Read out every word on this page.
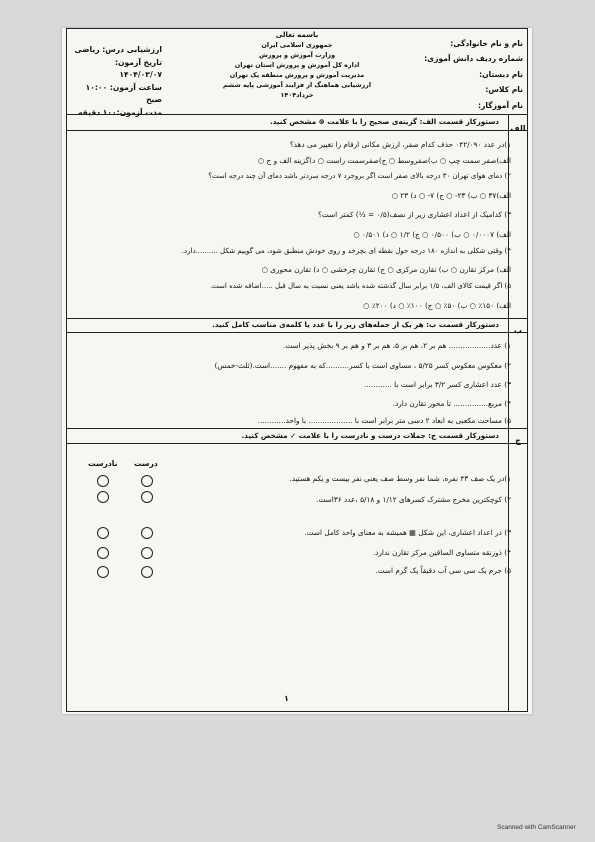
نام و نام خانوادگی:
شماره ردیف دانش آموزی:
نام دبستان:
نام کلاس:
نام آموزگار:
باسمه تعالی
جمهوری اسلامی ایران
وزارت آموزش و پرورش
اداره کل آموزش و پرورش استان تهران
مدیریت آموزش و پرورش منطقه یک تهران
ارزشیابی هماهنگ از فرایند آموزشی پایه ششم
خرداد۱۴۰۴
ارزشیابی درس: ریاضی
تاریخ آزمون: ۱۴۰۴/۰۳/۰۷
ساعت آزمون: ۱۰:۰۰ صبح
مدت آزمون:۱۰۰ دقیقه
الف
دستورکار قسمت الف: گزینه‌ی صحیح را با علامت ⊗ مشخص کنید.
۱)در عدد ۰۴۲/۰۹۰ حذف کدام صفر، ارزش مکانی ارقام را تغییر می دهد؟
الف)صفر سمت چپ ○ ب)صفروسط ○ ج)صفرسمت راست ○ د)گزینه الف و ج ○
۲) دمای هوای تهران ۳۰ درجه بالای صفر است اگر بروجرد ۷ درجه سردتر باشد دمای آن چند درجه است؟
الف)۳۷ ○ ب) ۲۳- ○ ج) ۷- ○ د) ۲۳ ○
۳) کدامیک از اعداد اعشاری زیر از نصف(۰/۵ = ½) کمتر است؟
الف) ۰/۰۰۰۷ ○ ب) ۰/۵۰۰ ○ ج) ۱/۲ ○ د) ۰/۵۰۱ ○
۴) وقتی شکلی به اندازه ۱۸۰ درجه حول نقطه ای بچرخد و روی خودش منطبق شود، می گوییم شکل ..........دارد.
الف) مرکز تقارن ○ ب) تقارن مرکزی ○ ج) تقارن چرخشی ○ د) تقارن محوری ○
۵) اگر قیمت کالای الف، ۱/۵ برابر سال گذشته شده باشد یعنی نسبت به سال قبل .....اضافه شده است.
الف) ۱۵۰٪ ○ ب) ۵۰٪ ○ ج) ۱۰۰٪ ○ د) ۲۰۰٪ ○
ب
دستورکار قسمت ب: هر یک از جمله‌های زیر را با عدد یا کلمه‌ی مناسب کامل کنید.
۱) عدد.................. هم بر ۲، هم بر ۵، هم بر ۳ و هم بر ۹ بخش پذیر است.
۲) معکوس معکوس کسر ۵/۲۵ ، مساوی است با کسر..........که به مفهوم .......است.(ثلث-خمس)
۳) عدد اعشاری کسر ۳/۲ برابر است با ............
۴) مربع............... تا محور تقارن دارد.
۵) مساحت مکعبی به ابعاد ۲ دسی متر برابر است با ................... با واحد............
ج
دستورکار قسمت ج: جملات درست و نادرست را با علامت ✓ مشخص کنید.
درست
نادرست
۱)در یک صف ۴۳ نفره، شما نفر وسط صف یعنی نفر بیست و یکم هستید.
۲) کوچکترین مخرج مشترک کسرهای ۱/۱۲ و ۵/۱۸ ،عدد ۳۶است.
۳) در اعداد اعشاری، این شکل ▦ همیشه به معنای واحد کامل است.
۴) ذوزنقه متساوی الساقین مرکز تقارن ندارد.
۵) جرم یک سی سی آب دقیقاً یک گرم است.
۱
Scanned with CamScanner
